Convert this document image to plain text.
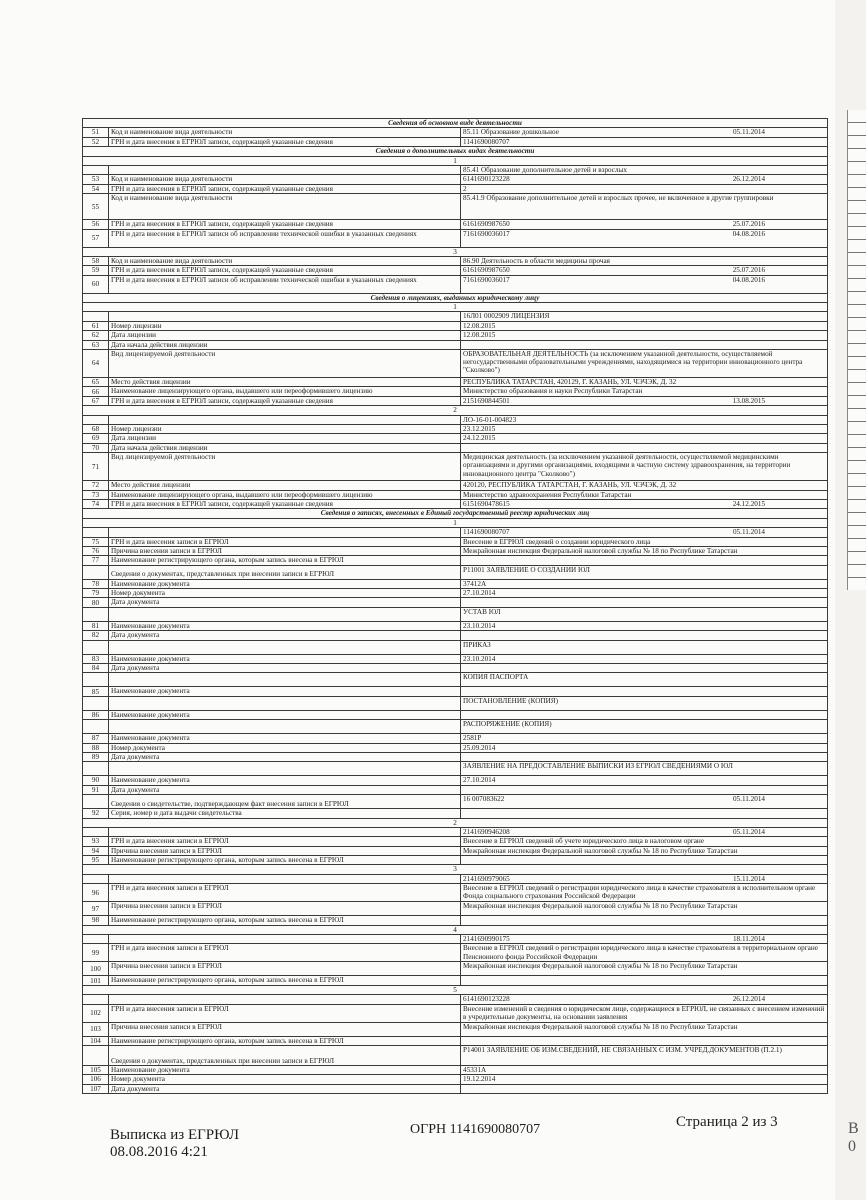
В
0
Сведения об основном виде деятельности		
51	Код и наименование вида деятельности	85.11 Образование дошкольное 05.11.2014

52	ГРН и дата внесения в ЕГРЮЛ записи, содержащей указанные сведения	1141690080707
Сведения о дополнительных видах деятельности		
1		
		85.41 Образование дополнительное детей и взрослых
53	Код и наименование вида деятельности	6141690123228 26.12.2014

54	ГРН и дата внесения в ЕГРЮЛ записи, содержащей указанные сведения	2
55	Код и наименование вида деятельности	85.41.9 Образование дополнительное детей и взрослых прочее, не включенное в другие группировки
56	ГРН и дата внесения в ЕГРЮЛ записи, содержащей указанные сведения	6161690987650 25.07.2016

57	ГРН и дата внесения в ЕГРЮЛ записи об исправлении технической ошибки в указанных сведениях	7161690036017 04.08.2016

3		
58	Код и наименование вида деятельности	86.90 Деятельность в области медицины прочая
59	ГРН и дата внесения в ЕГРЮЛ записи, содержащей указанные сведения	6161690987650 25.07.2016

60	ГРН и дата внесения в ЕГРЮЛ записи об исправлении технической ошибки в указанных сведениях	7161690036017 04.08.2016

Сведения о лицензиях, выданных юридическому лицу		
1		
		16Л01 0002909 ЛИЦЕНЗИЯ
61	Номер лицензии	12.08.2015
62	Дата лицензии	12.08.2015
63	Дата начала действия лицензии	
64	Вид лицензируемой деятельности	ОБРАЗОВАТЕЛЬНАЯ ДЕЯТЕЛЬНОСТЬ (за исключением указанной деятельности, осуществляемой негосударственными образовательными учреждениями, находящимися на территории инновационного центра "Сколково")
65	Место действия лицензии	РЕСПУБЛИКА ТАТАРСТАН, 420129, Г. КАЗАНЬ, УЛ. ЧЭЧЭК, Д. 32
66	Наименование лицензирующего органа, выдавшего или переоформившего лицензию	Министерство образования и науки Республики Татарстан
67	ГРН и дата внесения в ЕГРЮЛ записи, содержащей указанные сведения	2151690844501 13.08.2015

2		
		ЛО-16-01-004823
68	Номер лицензии	23.12.2015
69	Дата лицензии	24.12.2015
70	Дата начала действия лицензии	
71	Вид лицензируемой деятельности	Медицинская деятельность (за исключением указанной деятельности, осуществляемой медицинскими организациями и другими организациями, входящими в частную систему здравоохранения, на территории инновационного центра "Сколково")
72	Место действия лицензии	420120, РЕСПУБЛИКА ТАТАРСТАН, Г. КАЗАНЬ, УЛ. ЧЭЧЭК, Д. 32
73	Наименование лицензирующего органа, выдавшего или переоформившего лицензию	Министерство здравоохранения Республики Татарстан
74	ГРН и дата внесения в ЕГРЮЛ записи, содержащей указанные сведения	6151690478615 24.12.2015

Сведения о записях, внесенных в Единый государственный реестр юридических лиц		
1		

		1141690080707 05.11.2014

75	ГРН и дата внесения записи в ЕГРЮЛ	Внесение в ЕГРЮЛ сведений о создании юридического лица
76	Причина внесения записи в ЕГРЮЛ	Межрайонная инспекция Федеральной налоговой службы № 18 по Республике Татарстан
77	Наименование регистрирующего органа, которым запись внесена в ЕГРЮЛ	
	Сведения о документах, представленных при внесении записи в ЕГРЮЛ	Р11001 ЗАЯВЛЕНИЕ О СОЗДАНИИ ЮЛ
78	Наименование документа	37412А
79	Номер документа	27.10.2014
80	Дата документа	
		УСТАВ ЮЛ
81	Наименование документа	23.10.2014
82	Дата документа	
		ПРИКАЗ
83	Наименование документа	23.10.2014
84	Дата документа	
		КОПИЯ ПАСПОРТА
85	Наименование документа	
		ПОСТАНОВЛЕНИЕ (КОПИЯ)
86	Наименование документа	
		РАСПОРЯЖЕНИЕ (КОПИЯ)
87	Наименование документа	2581Р
88	Номер документа	25.09.2014
89	Дата документа	
		ЗАЯВЛЕНИЕ НА ПРЕДОСТАВЛЕНИЕ ВЫПИСКИ ИЗ ЕГРЮЛ СВЕДЕНИЯМИ О ЮЛ
90	Наименование документа	27.10.2014
91	Дата документа	
	Сведения о свидетельстве, подтверждающем факт внесения записи в ЕГРЮЛ	16 007083622 05.11.2014

92	Серия, номер и дата выдачи свидетельства	
2		

		2141690946208 05.11.2014

93	ГРН и дата внесения записи в ЕГРЮЛ	Внесение в ЕГРЮЛ сведений об учете юридического лица в налоговом органе
94	Причина внесения записи в ЕГРЮЛ	Межрайонная инспекция Федеральной налоговой службы № 18 по Республике Татарстан
95	Наименование регистрирующего органа, которым запись внесена в ЕГРЮЛ	
3		

		2141690979065 15.11.2014

96	ГРН и дата внесения записи в ЕГРЮЛ	Внесение в ЕГРЮЛ сведений о регистрации юридического лица в качестве страхователя в исполнительном органе Фонда социального страхования Российской Федерации
97	Причина внесения записи в ЕГРЮЛ	Межрайонная инспекция Федеральной налоговой службы № 18 по Республике Татарстан
98	Наименование регистрирующего органа, которым запись внесена в ЕГРЮЛ	
4		

		2141690990175 18.11.2014

99	ГРН и дата внесения записи в ЕГРЮЛ	Внесение в ЕГРЮЛ сведений о регистрации юридического лица в качестве страхователя в территориальном органе Пенсионного фонда Российской Федерации
100	Причина внесения записи в ЕГРЮЛ	Межрайонная инспекция Федеральной налоговой службы № 18 по Республике Татарстан
101	Наименование регистрирующего органа, которым запись внесена в ЕГРЮЛ	
5		

		6141690123228 26.12.2014

102	ГРН и дата внесения записи в ЕГРЮЛ	Внесение изменений в сведения о юридическом лице, содержащиеся в ЕГРЮЛ, не связанных с внесением изменений в учредительные документы, на основании заявления
103	Причина внесения записи в ЕГРЮЛ	Межрайонная инспекция Федеральной налоговой службы № 18 по Республике Татарстан
104	Наименование регистрирующего органа, которым запись внесена в ЕГРЮЛ	
	Сведения о документах, представленных при внесении записи в ЕГРЮЛ	Р14001 ЗАЯВЛЕНИЕ ОБ ИЗМ.СВЕДЕНИЙ, НЕ СВЯЗАННЫХ С ИЗМ. УЧРЕД.ДОКУМЕНТОВ (П.2.1)
105	Наименование документа	45331А
106	Номер документа	19.12.2014
107	Дата документа	
Выписка из ЕГРЮЛ
08.08.2016 4:21
ОГРН 1141690080707	Страница 2 из 3
